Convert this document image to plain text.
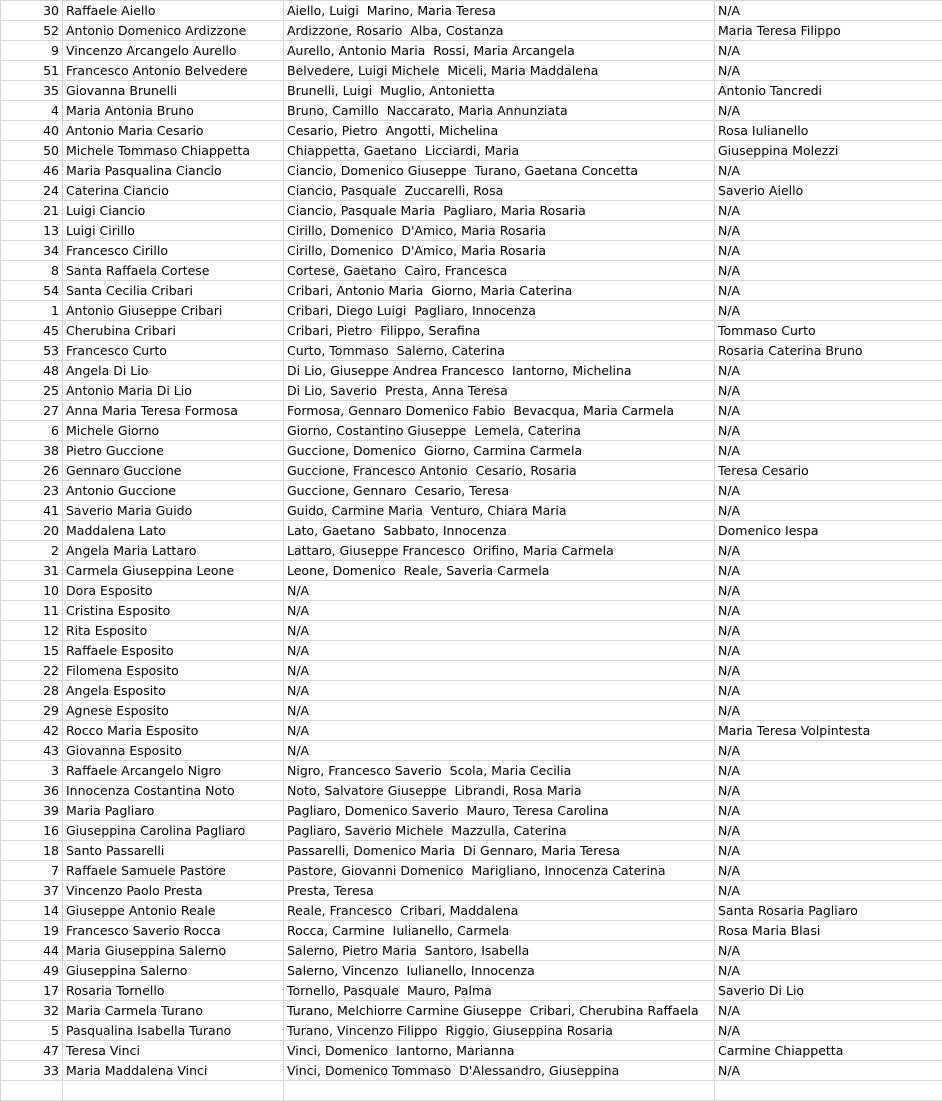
30	Raffaele Aiello	Aiello, Luigi  Marino, Maria Teresa	N/A
52	Antonio Domenico Ardizzone	Ardizzone, Rosario  Alba, Costanza	Maria Teresa Filippo
9	Vincenzo Arcangelo Aurello	Aurello, Antonio Maria  Rossi, Maria Arcangela	N/A
51	Francesco Antonio Belvedere	Belvedere, Luigi Michele  Miceli, Maria Maddalena	N/A
35	Giovanna Brunelli	Brunelli, Luigi  Muglio, Antonietta	Antonio Tancredi
4	Maria Antonia Bruno	Bruno, Camillo  Naccarato, Maria Annunziata	N/A
40	Antonio Maria Cesario	Cesario, Pietro  Angotti, Michelina	Rosa Iulianello
50	Michele Tommaso Chiappetta	Chiappetta, Gaetano  Licciardi, Maria	Giuseppina Molezzi
46	Maria Pasqualina Ciancio	Ciancio, Domenico Giuseppe  Turano, Gaetana Concetta	N/A
24	Caterina Ciancio	Ciancio, Pasquale  Zuccarelli, Rosa	Saverio Aiello
21	Luigi Ciancio	Ciancio, Pasquale Maria  Pagliaro, Maria Rosaria	N/A
13	Luigi Cirillo	Cirillo, Domenico  D'Amico, Maria Rosaria	N/A
34	Francesco Cirillo	Cirillo, Domenico  D'Amico, Maria Rosaria	N/A
8	Santa Raffaela Cortese	Cortese, Gaetano  Cairo, Francesca	N/A
54	Santa Cecilia Cribari	Cribari, Antonio Maria  Giorno, Maria Caterina	N/A
1	Antonio Giuseppe Cribari	Cribari, Diego Luigi  Pagliaro, Innocenza	N/A
45	Cherubina Cribari	Cribari, Pietro  Filippo, Serafina	Tommaso Curto
53	Francesco Curto	Curto, Tommaso  Salerno, Caterina	Rosaria Caterina Bruno
48	Angela Di Lio	Di Lio, Giuseppe Andrea Francesco  Iantorno, Michelina	N/A
25	Antonio Maria Di Lio	Di Lio, Saverio  Presta, Anna Teresa	N/A
27	Anna Maria Teresa Formosa	Formosa, Gennaro Domenico Fabio  Bevacqua, Maria Carmela	N/A
6	Michele Giorno	Giorno, Costantino Giuseppe  Lemela, Caterina	N/A
38	Pietro Guccione	Guccione, Domenico  Giorno, Carmina Carmela	N/A
26	Gennaro Guccione	Guccione, Francesco Antonio  Cesario, Rosaria	Teresa Cesario
23	Antonio Guccione	Guccione, Gennaro  Cesario, Teresa	N/A
41	Saverio Maria Guido	Guido, Carmine Maria  Venturo, Chiara Maria	N/A
20	Maddalena Lato	Lato, Gaetano  Sabbato, Innocenza	Domenico Iespa
2	Angela Maria Lattaro	Lattaro, Giuseppe Francesco  Orifino, Maria Carmela	N/A
31	Carmela Giuseppina Leone	Leone, Domenico  Reale, Saveria Carmela	N/A
10	Dora Esposito	N/A	N/A
11	Cristina Esposito	N/A	N/A
12	Rita Esposito	N/A	N/A
15	Raffaele Esposito	N/A	N/A
22	Filomena Esposito	N/A	N/A
28	Angela Esposito	N/A	N/A
29	Agnese Esposito	N/A	N/A
42	Rocco Maria Esposito	N/A	Maria Teresa Volpintesta
43	Giovanna Esposito	N/A	N/A
3	Raffaele Arcangelo Nigro	Nigro, Francesco Saverio  Scola, Maria Cecilia	N/A
36	Innocenza Costantina Noto	Noto, Salvatore Giuseppe  Librandi, Rosa Maria	N/A
39	Maria Pagliaro	Pagliaro, Domenico Saverio  Mauro, Teresa Carolina	N/A
16	Giuseppina Carolina Pagliaro	Pagliaro, Saverio Michele  Mazzulla, Caterina	N/A
18	Santo Passarelli	Passarelli, Domenico Maria  Di Gennaro, Maria Teresa	N/A
7	Raffaele Samuele Pastore	Pastore, Giovanni Domenico  Marigliano, Innocenza Caterina	N/A
37	Vincenzo Paolo Presta	Presta, Teresa	N/A
14	Giuseppe Antonio Reale	Reale, Francesco  Cribari, Maddalena	Santa Rosaria Pagliaro
19	Francesco Saverio Rocca	Rocca, Carmine  Iulianello, Carmela	Rosa Maria Blasi
44	Maria Giuseppina Salerno	Salerno, Pietro Maria  Santoro, Isabella	N/A
49	Giuseppina Salerno	Salerno, Vincenzo  Iulianello, Innocenza	N/A
17	Rosaria Tornello	Tornello, Pasquale  Mauro, Palma	Saverio Di Lio
32	Maria Carmela Turano	Turano, Melchiorre Carmine Giuseppe  Cribari, Cherubina Raffaela	N/A
5	Pasqualina Isabella Turano	Turano, Vincenzo Filippo  Riggio, Giuseppina Rosaria	N/A
47	Teresa Vinci	Vinci, Domenico  Iantorno, Marianna	Carmine Chiappetta
33	Maria Maddalena Vinci	Vinci, Domenico Tommaso  D'Alessandro, Giuseppina	N/A
